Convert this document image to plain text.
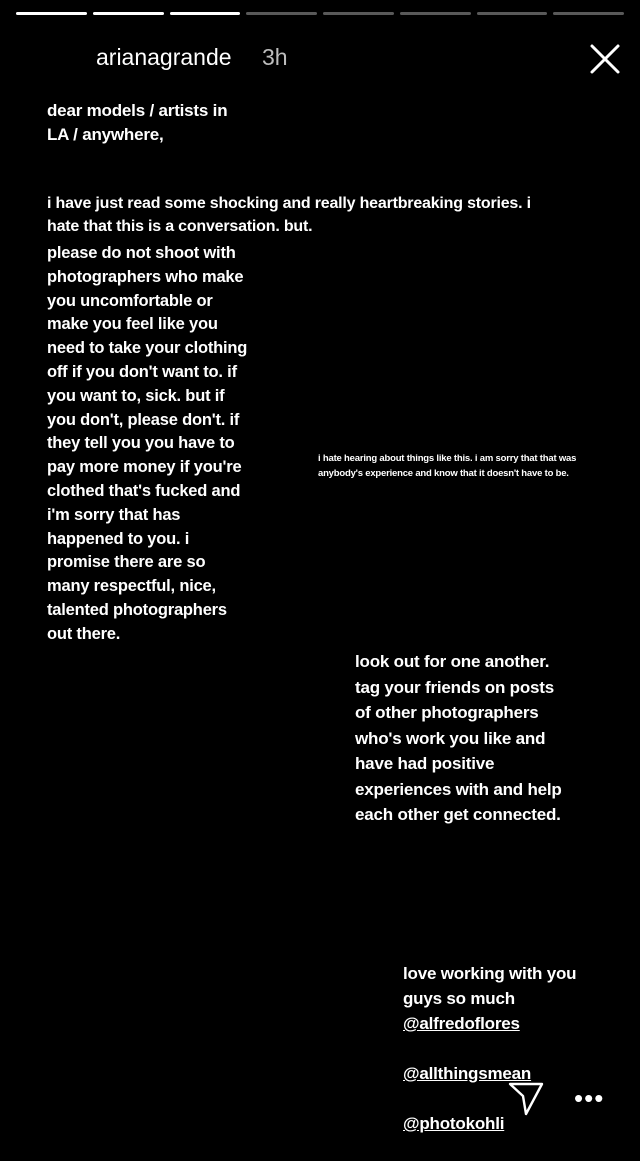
arianagrande 3h
dear models / artists in
LA / anywhere,
i have just read some shocking and really heartbreaking stories. i
hate that this is a conversation. but.
please do not shoot with
photographers who make
you uncomfortable or
make you feel like you
need to take your clothing
off if you don't want to. if
you want to, sick. but if
you don't, please don't. if
they tell you you have to
pay more money if you're
clothed that's fucked and
i'm sorry that has
happened to you. i
promise there are so
many respectful, nice,
talented photographers
out there.
i hate hearing about things like this. i am sorry that that was
anybody's experience and know that it doesn't have to be.
look out for one another.
tag your friends on posts
of other photographers
who's work you like and
have had positive
experiences with and help
each other get connected.

love working with you
guys so much

@alfredoflores

@allthingsmean

@photokohli

•••
